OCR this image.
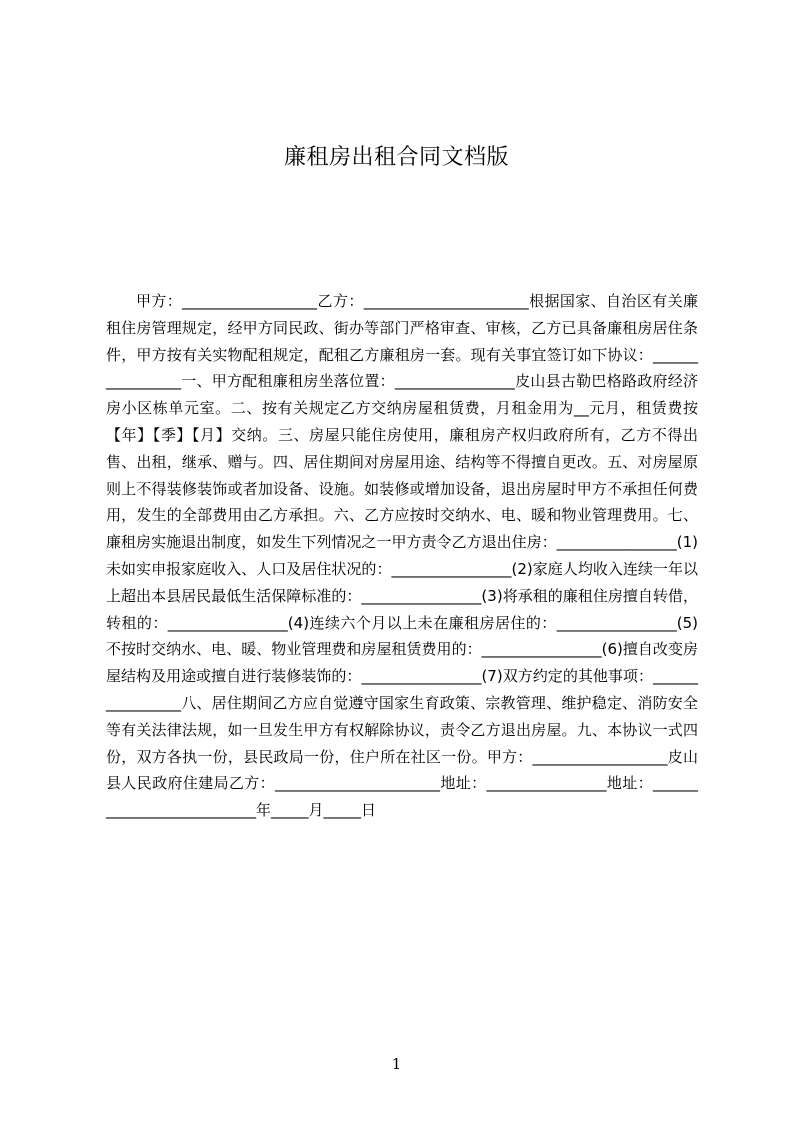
廉租房出租合同文档版

甲方：__________________乙方：______________________根据国家、自治区有关廉租住房管理规定，经甲方同民政、街办等部门严格审查、审核，乙方已具备廉租房居住条件，甲方按有关实物配租规定，配租乙方廉租房一套。现有关事宜签订如下协议：________________一、甲方配租廉租房坐落位置：________________皮山县古勒巴格路政府经济房小区栋单元室。二、按有关规定乙方交纳房屋租赁费，月租金用为__元月，租赁费按【年】【季】【月】交纳。三、房屋只能住房使用，廉租房产权归政府所有，乙方不得出售、出租，继承、赠与。四、居住期间对房屋用途、结构等不得擅自更改。五、对房屋原则上不得装修装饰或者加设备、设施。如装修或增加设备，退出房屋时甲方不承担任何费用，发生的全部费用由乙方承担。六、乙方应按时交纳水、电、暖和物业管理费用。七、廉租房实施退出制度，如发生下列情况之一甲方责令乙方退出住房：________________(1)未如实申报家庭收入、人口及居住状况的：________________(2)家庭人均收入连续一年以上超出本县居民最低生活保障标准的：________________(3)将承租的廉租住房擅自转借，转租的：________________(4)连续六个月以上未在廉租房居住的：________________(5)不按时交纳水、电、暖、物业管理费和房屋租赁费用的：________________(6)擅自改变房屋结构及用途或擅自进行装修装饰的：________________(7)双方约定的其他事项：________________八、居住期间乙方应自觉遵守国家生育政策、宗教管理、维护稳定、消防安全等有关法律法规，如一旦发生甲方有权解除协议，责令乙方退出房屋。九、本协议一式四份，双方各执一份，县民政局一份，住户所在社区一份。甲方：__________________皮山县人民政府住建局乙方：______________________地址：________________地址：__________________________年_____月_____日

1
